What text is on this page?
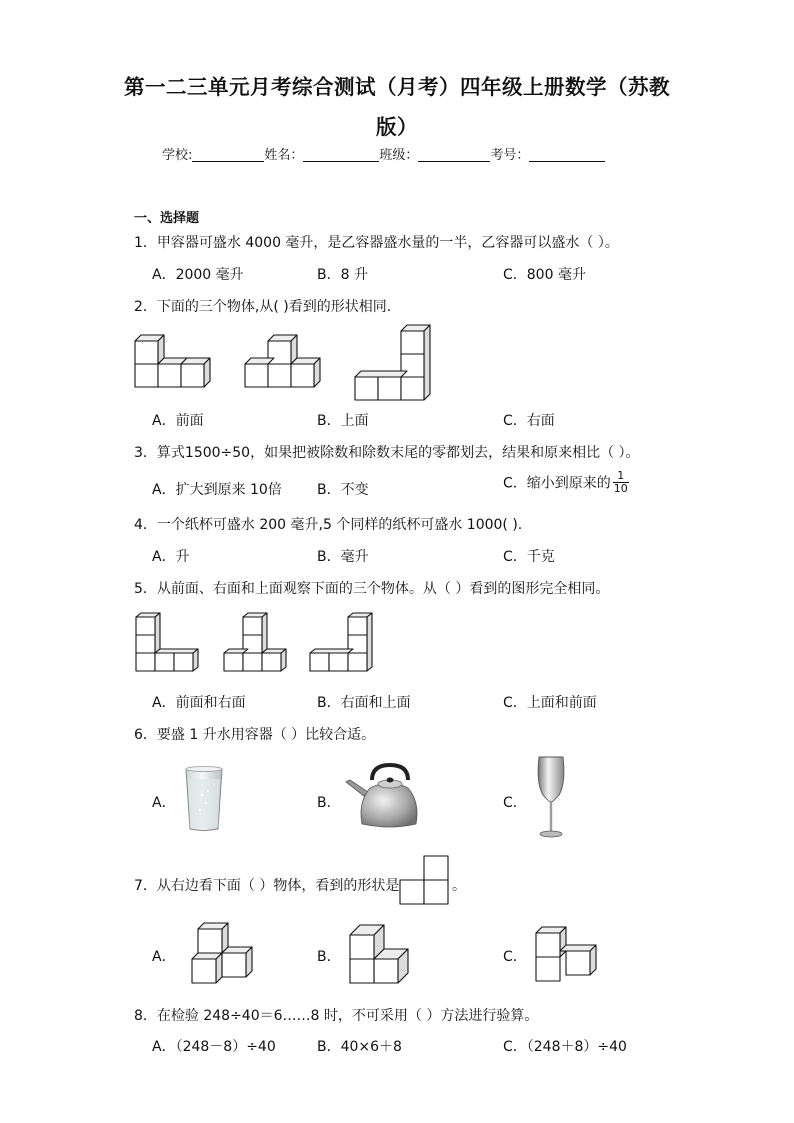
第一二三单元月考综合测试（月考）四年级上册数学（苏教
版）
学校:	姓名：	班级：	考号：
一、选择题
1．甲容器可盛水 4000 毫升，是乙容器盛水量的一半，乙容器可以盛水（ ）。
A．2000 毫升	B．8 升	C．800 毫升
2．下面的三个物体,从( )看到的形状相同.
A．前面	B．上面	C．右面
3．算式1500÷50，如果把被除数和除数末尾的零都划去，结果和原来相比（ ）。
A．扩大到原来 10倍	B．不变	C．缩小到原来的 $\frac{1}{10}$
4．一个纸杯可盛水 200 毫升,5 个同样的纸杯可盛水 1000( ).
A．升	B．毫升	C．千克
5．从前面、右面和上面观察下面的三个物体。从（ ）看到的图形完全相同。
A．前面和右面	B．右面和上面	C．上面和前面
6．要盛 1 升水用容器（ ）比较合适。
A．	B．	C．
7．从右边看下面（ ）物体，看到的形状是	。
A．	B．	C．
8．在检验 248÷40＝6……8 时，不可采用（ ）方法进行验算。
A．（248－8）÷40	B．40×6＋8	C．（248＋8）÷40
